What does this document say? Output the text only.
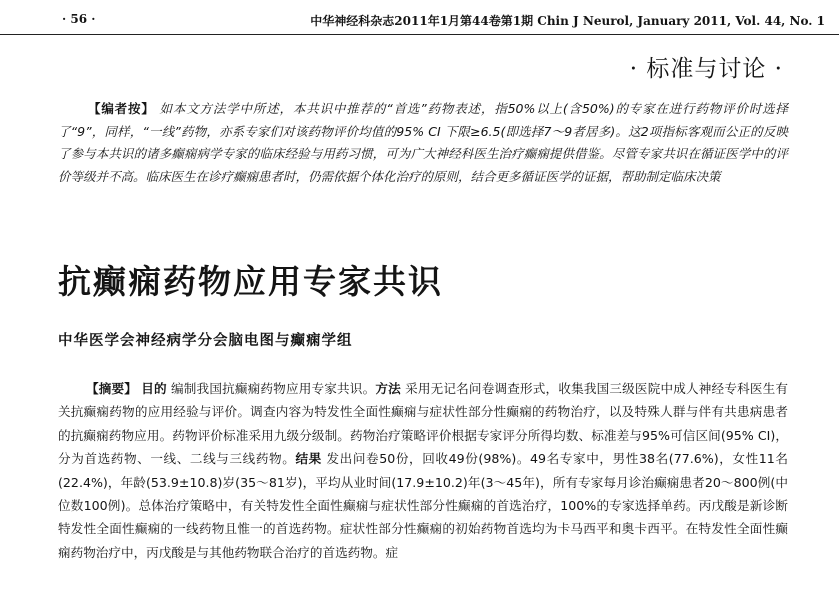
· 56 ·	中华神经科杂志2011年1月第44卷第1期 Chin J Neurol, January 2011, Vol. 44, No. 1
· 标准与讨论 ·
【编者按】 如本文方法学中所述，本共识中推荐的“首选”药物表述，指50%以上(含50%)的专家在进行药物评价时选择了“9”，同样，“一线”药物，亦系专家们对该药物评价均值的95% CI 下限≥6.5(即选择7～9者居多)。这2项指标客观而公正的反映了参与本共识的诸多癫痫病学专家的临床经验与用药习惯，可为广大神经科医生治疗癫痫提供借鉴。尽管专家共识在循证医学中的评价等级并不高。临床医生在诊疗癫痫患者时，仍需依据个体化治疗的原则，结合更多循证医学的证据，帮助制定临床决策
抗癫痫药物应用专家共识
中华医学会神经病学分会脑电图与癫痫学组
【摘要】 目的 编制我国抗癫痫药物应用专家共识。方法 采用无记名问卷调查形式，收集我国三级医院中成人神经专科医生有关抗癫痫药物的应用经验与评价。调查内容为特发性全面性癫痫与症状性部分性癫痫的药物治疗，以及特殊人群与伴有共患病患者的抗癫痫药物应用。药物评价标准采用九级分级制。药物治疗策略评价根据专家评分所得均数、标准差与95%可信区间(95% CI)，分为首选药物、一线、二线与三线药物。结果 发出问卷50份，回收49份(98%)。49名专家中，男性38名(77.6%)，女性11名(22.4%)，年龄(53.9±10.8)岁(35～81岁)，平均从业时间(17.9±10.2)年(3～45年)，所有专家每月诊治癫痫患者20～800例(中位数100例)。总体治疗策略中，有关特发性全面性癫痫与症状性部分性癫痫的首选治疗，100%的专家选择单药。丙戊酸是新诊断特发性全面性癫痫的一线药物且惟一的首选药物。症状性部分性癫痫的初始药物首选均为卡马西平和奥卡西平。在特发性全面性癫痫药物治疗中，丙戊酸是与其他药物联合治疗的首选药物。症
